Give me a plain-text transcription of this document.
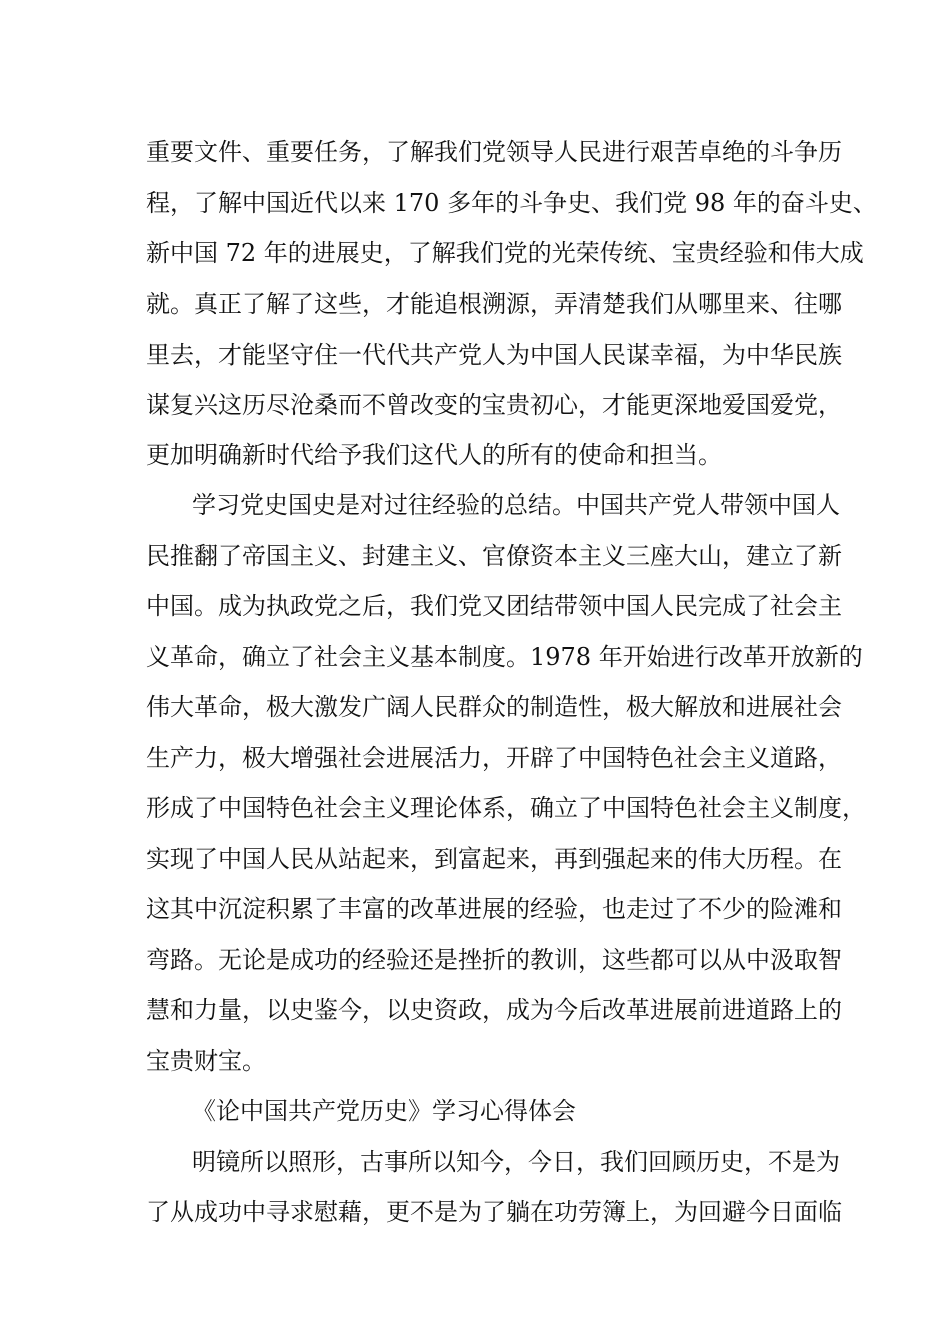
重要文件、重要任务，了解我们党领导人民进行艰苦卓绝的斗争历
程，了解中国近代以来 170 多年的斗争史、我们党 98 年的奋斗史、
新中国 72 年的进展史，了解我们党的光荣传统、宝贵经验和伟大成
就。真正了解了这些，才能追根溯源，弄清楚我们从哪里来、往哪
里去，才能坚守住一代代共产党人为中国人民谋幸福，为中华民族
谋复兴这历尽沧桑而不曾改变的宝贵初心，才能更深地爱国爱党，
更加明确新时代给予我们这代人的所有的使命和担当。
学习党史国史是对过往经验的总结。中国共产党人带领中国人
民推翻了帝国主义、封建主义、官僚资本主义三座大山，建立了新
中国。成为执政党之后，我们党又团结带领中国人民完成了社会主
义革命，确立了社会主义基本制度。1978 年开始进行改革开放新的
伟大革命，极大激发广阔人民群众的制造性，极大解放和进展社会
生产力，极大增强社会进展活力，开辟了中国特色社会主义道路，
形成了中国特色社会主义理论体系，确立了中国特色社会主义制度，
实现了中国人民从站起来，到富起来，再到强起来的伟大历程。在
这其中沉淀积累了丰富的改革进展的经验，也走过了不少的险滩和
弯路。无论是成功的经验还是挫折的教训，这些都可以从中汲取智
慧和力量，以史鉴今，以史资政，成为今后改革进展前进道路上的
宝贵财宝。
《论中国共产党历史》学习心得体会
明镜所以照形，古事所以知今，今日，我们回顾历史，不是为
了从成功中寻求慰藉，更不是为了躺在功劳簿上，为回避今日面临
